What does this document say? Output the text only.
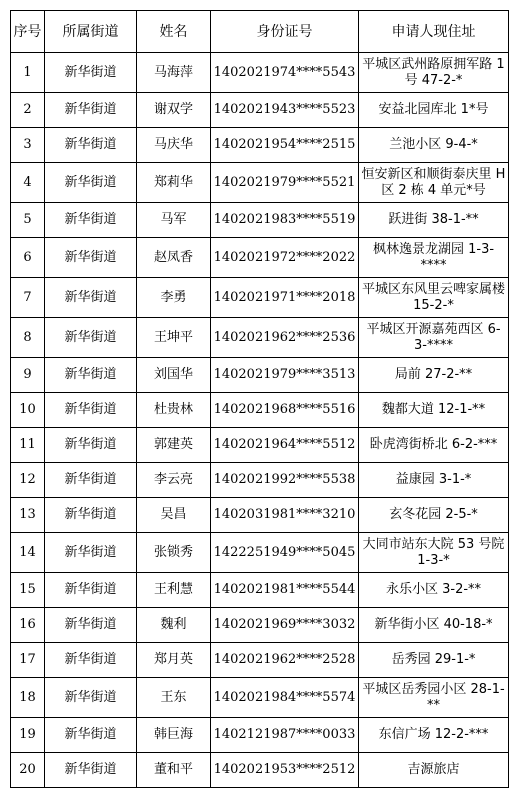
序号	所属街道	姓名	身份证号	申请人现住址
1	新华街道	马海萍	1402021974****5543	平城区武州路原拥军路 1 号 47-2-*
2	新华街道	谢双学	1402021943****5523	安益北园库北 1*号
3	新华街道	马庆华	1402021954****2515	兰池小区 9-4-*
4	新华街道	郑莉华	1402021979****5521	恒安新区和顺街泰庆里 H 区 2 栋 4 单元*号
5	新华街道	马军	1402021983****5519	跃进街 38-1-**
6	新华街道	赵凤香	1402021972****2022	枫林逸景龙湖园 1-3-****
7	新华街道	李勇	1402021971****2018	平城区东风里云啤家属楼 15-2-*
8	新华街道	王坤平	1402021962****2536	平城区开源嘉苑西区 6-3-****
9	新华街道	刘国华	1402021979****3513	局前 27-2-**
10	新华街道	杜贵林	1402021968****5516	魏都大道 12-1-**
11	新华街道	郭建英	1402021964****5512	卧虎湾街桥北 6-2-***
12	新华街道	李云亮	1402021992****5538	益康园 3-1-*
13	新华街道	吴昌	1402031981****3210	玄冬花园 2-5-*
14	新华街道	张锁秀	1422251949****5045	大同市站东大院 53 号院 1-3-*
15	新华街道	王利慧	1402021981****5544	永乐小区 3-2-**
16	新华街道	魏利	1402021969****3032	新华街小区 40-18-*
17	新华街道	郑月英	1402021962****2528	岳秀园 29-1-*
18	新华街道	王东	1402021984****5574	平城区岳秀园小区 28-1-**
19	新华街道	韩巨海	1402121987****0033	东信广场 12-2-***
20	新华街道	董和平	1402021953****2512	吉源旅店
